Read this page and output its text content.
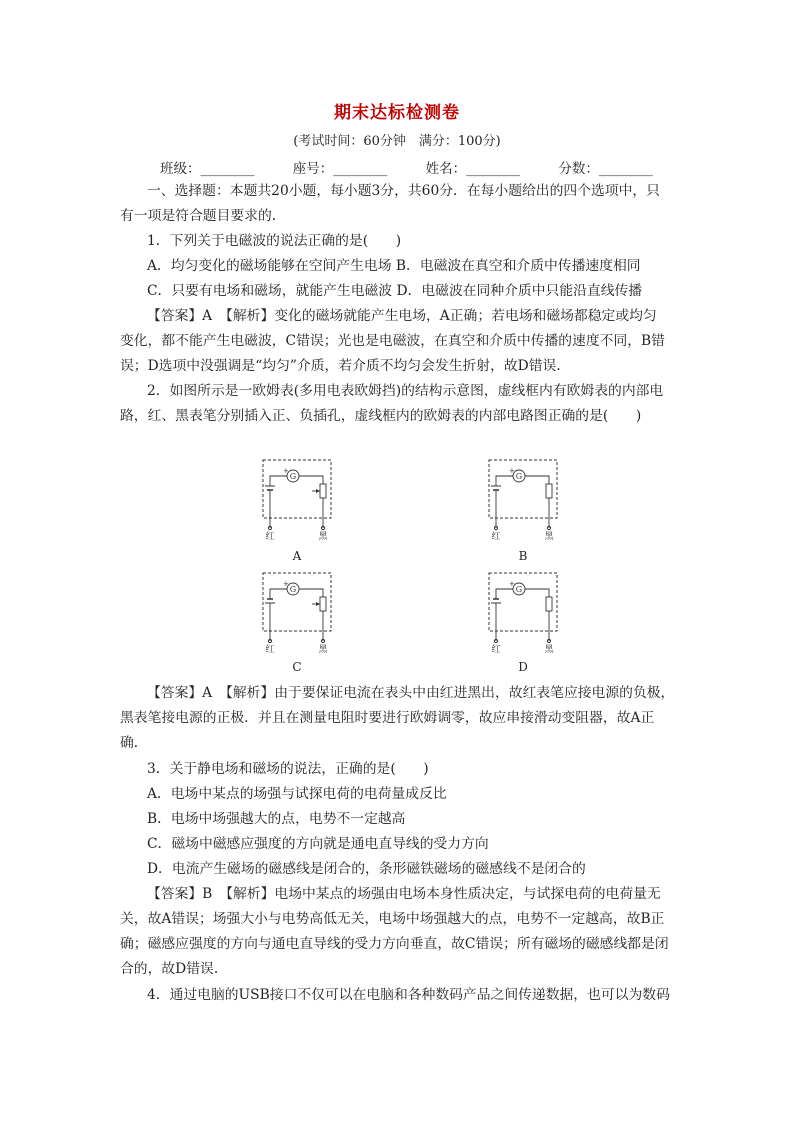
期末达标检测卷
(考试时间：60分钟　满分：100分)
班级：________	座号：________	姓名：________	分数：________
一、选择题：本题共20小题，每小题3分，共60分．在每小题给出的四个选项中，只
有一项是符合题目要求的．
1．下列关于电磁波的说法正确的是(　　)
A．均匀变化的磁场能够在空间产生电场 B．电磁波在真空和介质中传播速度相同
C．只要有电场和磁场，就能产生电磁波 D．电磁波在同种介质中只能沿直线传播
【答案】A　【解析】变化的磁场就能产生电场，A正确；若电场和磁场都稳定或均匀
变化，都不能产生电磁波，C错误；光也是电磁波，在真空和介质中传播的速度不同，B错
误；D选项中没强调是“均匀”介质，若介质不均匀会发生折射，故D错误．
2．如图所示是一欧姆表(多用电表欧姆挡)的结构示意图，虚线框内有欧姆表的内部电
路，红、黑表笔分别插入正、负插孔，虚线框内的欧姆表的内部电路图正确的是(　　)
G
+
红	黑
A
G
+
红	黑
B
G
+
红	黑
C
G
+
红	黑
D
【答案】A　【解析】由于要保证电流在表头中由红进黑出，故红表笔应接电源的负极，
黑表笔接电源的正极．并且在测量电阻时要进行欧姆调零，故应串接滑动变阻器，故A正
确．
3．关于静电场和磁场的说法，正确的是(　　)
A．电场中某点的场强与试探电荷的电荷量成反比
B．电场中场强越大的点，电势不一定越高
C．磁场中磁感应强度的方向就是通电直导线的受力方向
D．电流产生磁场的磁感线是闭合的，条形磁铁磁场的磁感线不是闭合的
【答案】B　【解析】电场中某点的场强由电场本身性质决定，与试探电荷的电荷量无
关，故A错误；场强大小与电势高低无关，电场中场强越大的点，电势不一定越高，故B正
确；磁感应强度的方向与通电直导线的受力方向垂直，故C错误；所有磁场的磁感线都是闭
合的，故D错误．
4．通过电脑的USB接口不仅可以在电脑和各种数码产品之间传递数据，也可以为数码
